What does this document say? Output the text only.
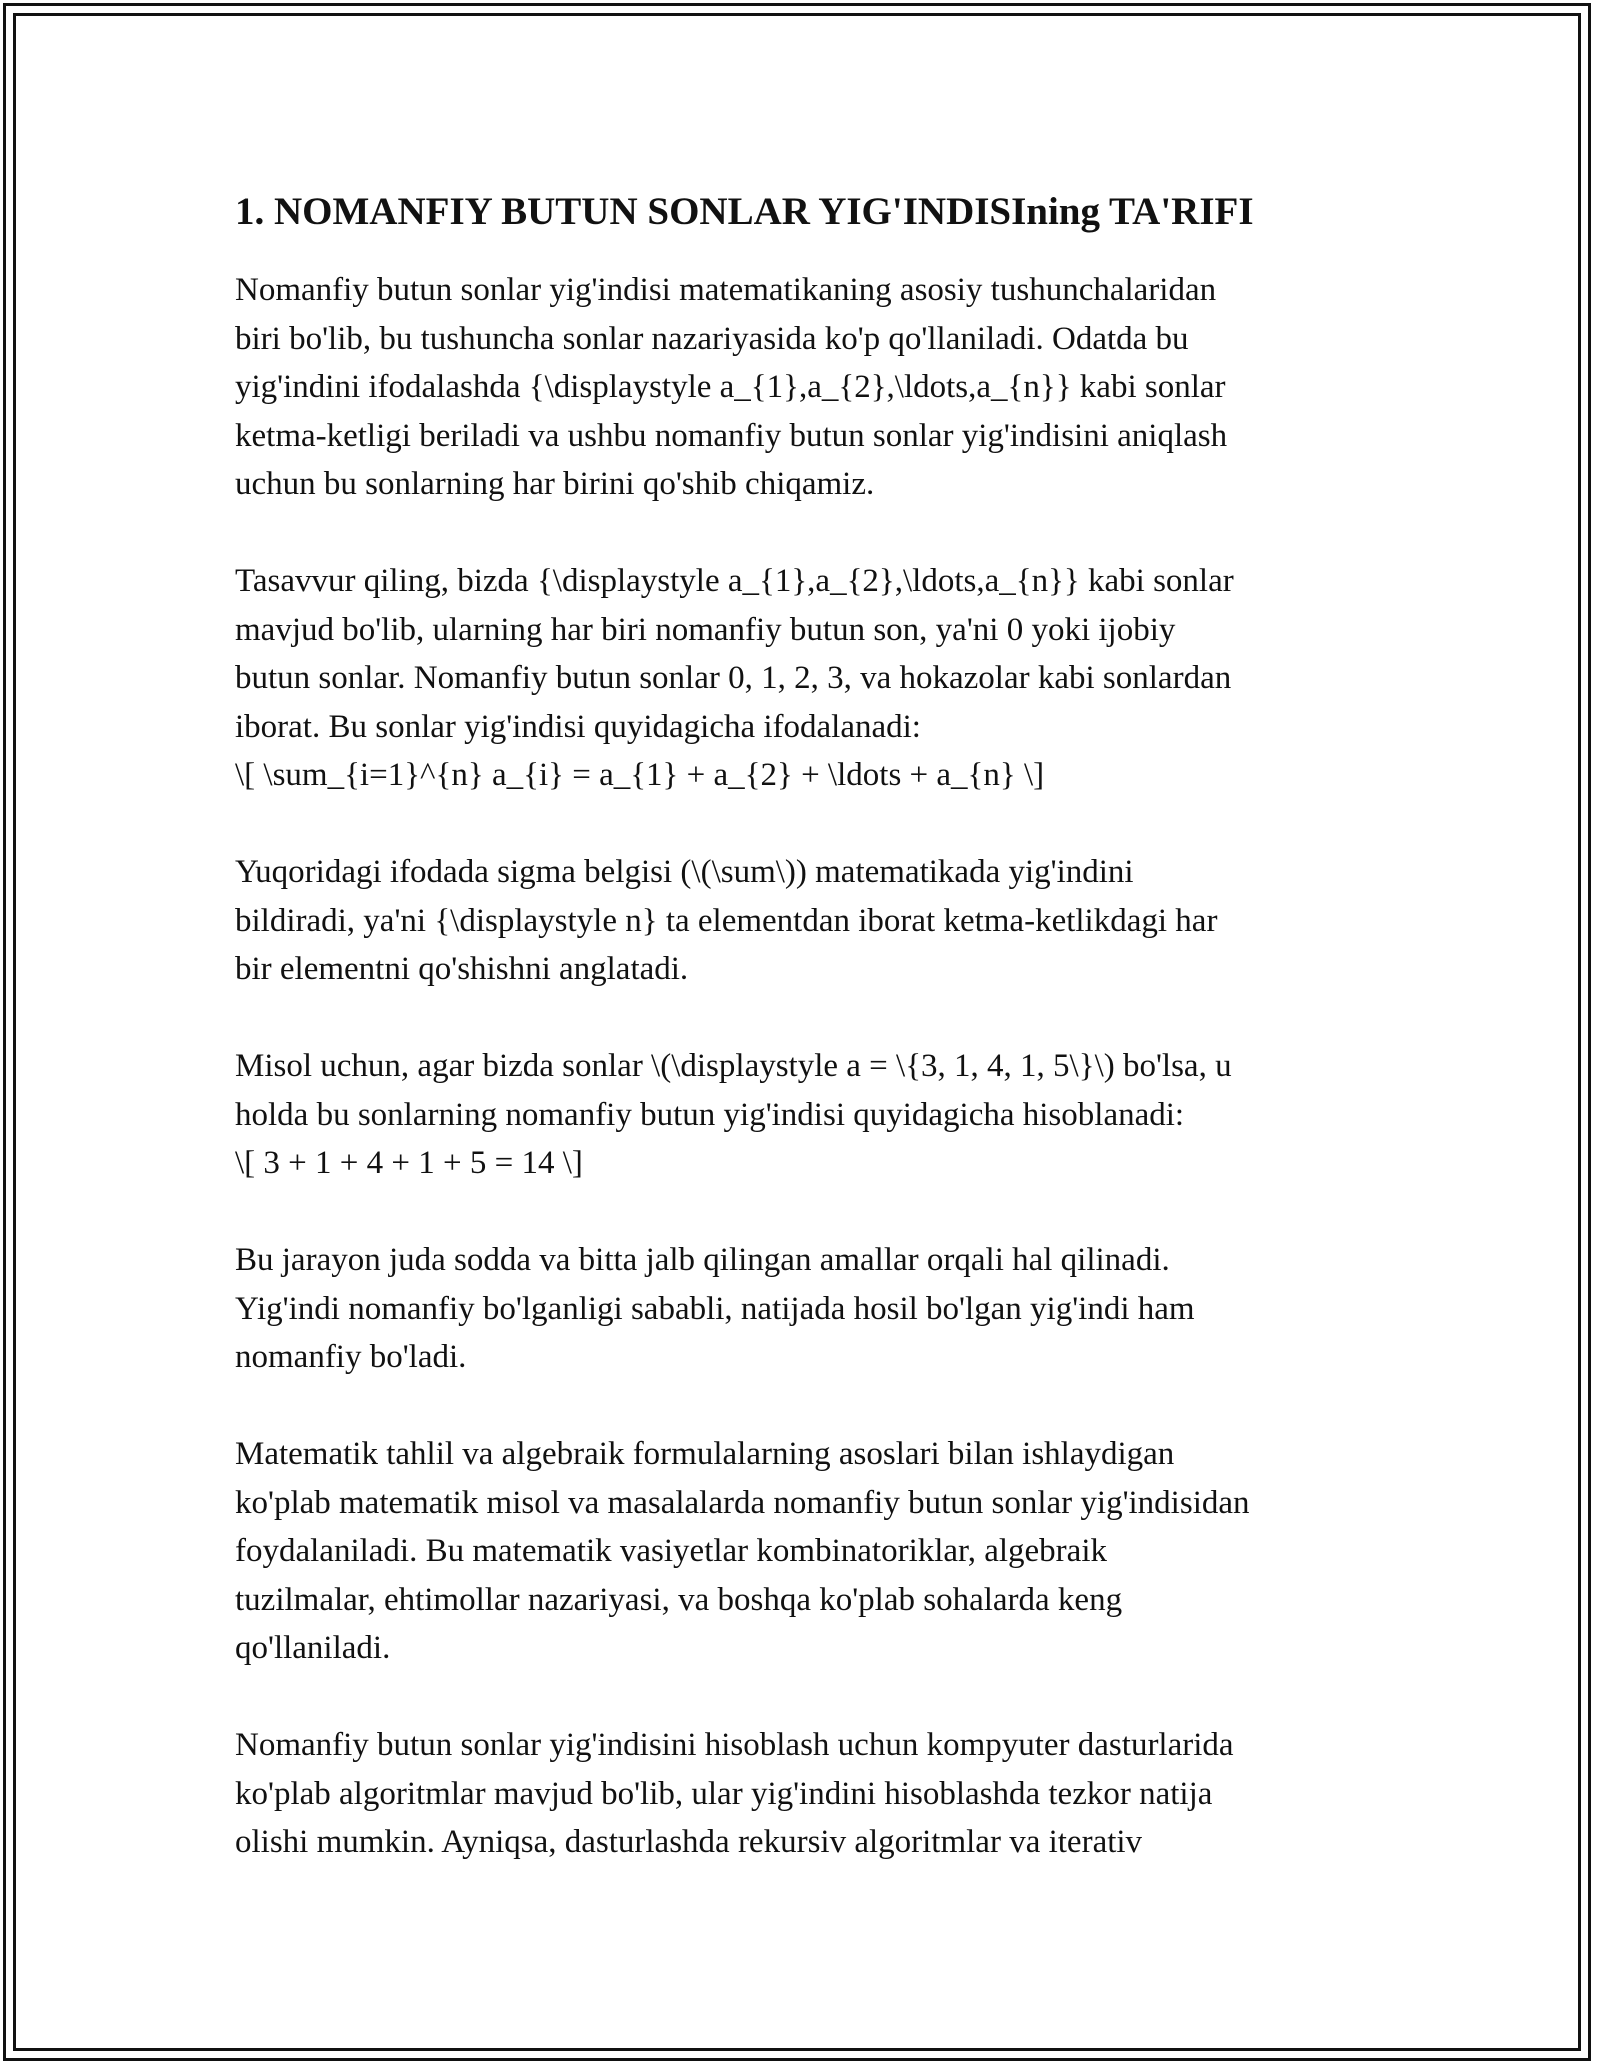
1. NOMANFIY BUTUN SONLAR YIG'INDISIning TA'RIFI

Nomanfiy butun sonlar yig'indisi matematikaning asosiy tushunchalaridan
biri bo'lib, bu tushuncha sonlar nazariyasida ko'p qo'llaniladi. Odatda bu
yig'indini ifodalashda {\displaystyle a_{1},a_{2},\ldots,a_{n}} kabi sonlar
ketma-ketligi beriladi va ushbu nomanfiy butun sonlar yig'indisini aniqlash
uchun bu sonlarning har birini qo'shib chiqamiz.

Tasavvur qiling, bizda {\displaystyle a_{1},a_{2},\ldots,a_{n}} kabi sonlar
mavjud bo'lib, ularning har biri nomanfiy butun son, ya'ni 0 yoki ijobiy
butun sonlar. Nomanfiy butun sonlar 0, 1, 2, 3, va hokazolar kabi sonlardan
iborat. Bu sonlar yig'indisi quyidagicha ifodalanadi:
\[ \sum_{i=1}^{n} a_{i} = a_{1} + a_{2} + \ldots + a_{n} \]

Yuqoridagi ifodada sigma belgisi (\(\sum\)) matematikada yig'indini
bildiradi, ya'ni {\displaystyle n} ta elementdan iborat ketma-ketlikdagi har
bir elementni qo'shishni anglatadi.

Misol uchun, agar bizda sonlar \(\displaystyle a = \{3, 1, 4, 1, 5\}\) bo'lsa, u
holda bu sonlarning nomanfiy butun yig'indisi quyidagicha hisoblanadi:
\[ 3 + 1 + 4 + 1 + 5 = 14 \]

Bu jarayon juda sodda va bitta jalb qilingan amallar orqali hal qilinadi.
Yig'indi nomanfiy bo'lganligi sababli, natijada hosil bo'lgan yig'indi ham
nomanfiy bo'ladi.

Matematik tahlil va algebraik formulalarning asoslari bilan ishlaydigan
ko'plab matematik misol va masalalarda nomanfiy butun sonlar yig'indisidan
foydalaniladi. Bu matematik vasiyetlar kombinatoriklar, algebraik
tuzilmalar, ehtimollar nazariyasi, va boshqa ko'plab sohalarda keng
qo'llaniladi.

Nomanfiy butun sonlar yig'indisini hisoblash uchun kompyuter dasturlarida
ko'plab algoritmlar mavjud bo'lib, ular yig'indini hisoblashda tezkor natija
olishi mumkin. Ayniqsa, dasturlashda rekursiv algoritmlar va iterativ
